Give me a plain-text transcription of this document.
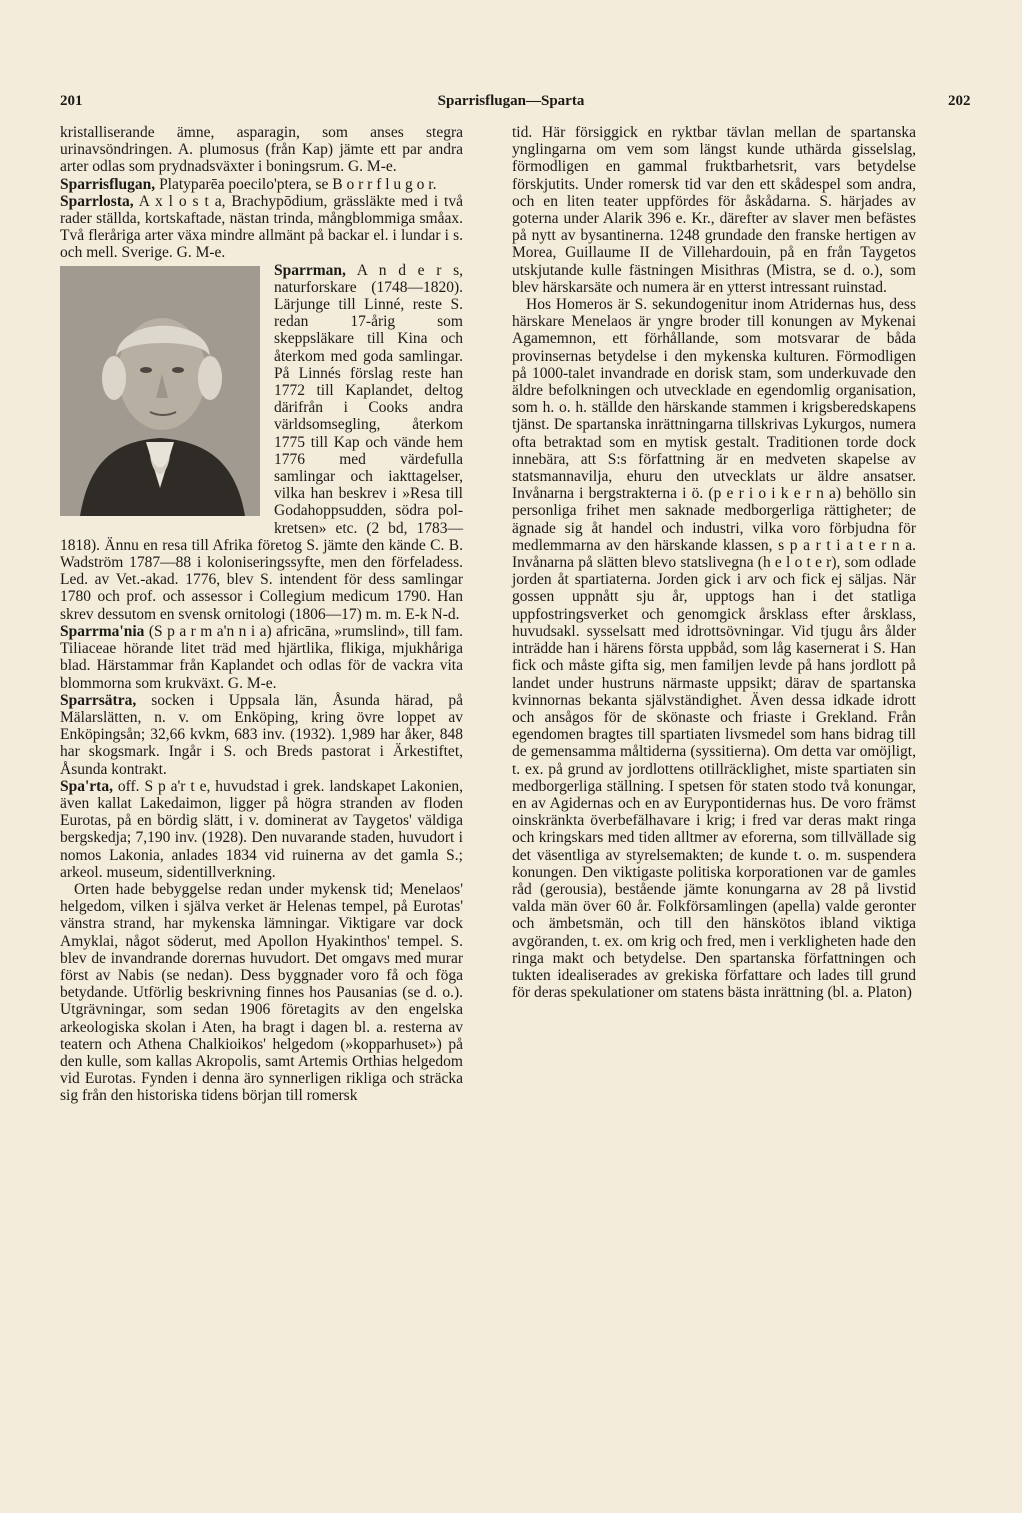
201	Sparrisflugan—Sparta	202

kristalliserande ämne, asparagin, som anses stegra urinavsöndringen. A. plumosus (från Kap) jämte ett par andra arter odlas som prydnadsväxter i boningsrum. G. M-e.

Sparrisflugan, Platyparēa poecilo'ptera, se B o r r f l u g o r.

Sparrlosta, A x l o s t a, Brachypōdium, grässläkte med i två rader ställda, kortskaftade, nästan trinda, mångblommiga småax. Två fleråriga arter växa mindre allmänt på backar el. i lundar i s. och mell. Sverige. G. M-e.

Sparrman,
A n d e r s, naturforskare (1748—1820). Lärjunge till Linné, reste S. redan 17-årig som skeppsläkare till Kina och återkom med goda samlingar. På Linnés förslag reste han 1772 till Kaplandet, deltog därifrån i Cooks andra världsomsegling, återkom 1775 till Kap och vände hem 1776 med värdefulla samlingar och iakttagelser, vilka han beskrev i »Resa till Godahoppsudden, södra pol-kretsen» etc. (2 bd, 1783—1818). Ännu en resa till Afrika företog S. jämte den kände C. B. Wadström 1787—88 i koloniseringssyfte, men den förfeladess. Led. av Vet.-akad. 1776, blev S. intendent för dess samlingar 1780 och prof. och assessor i Collegium medicum 1790. Han skrev dessutom en svensk ornitologi (1806—17) m. m. E-k N-d.

Sparrma'nia (S p a r m a'n n i a) africāna, »rumslind», till fam. Tiliaceae hörande litet träd med hjärtlika, flikiga, mjukhåriga blad. Härstammar från Kaplandet och odlas för de vackra vita blommorna som krukväxt. G. M-e.

Sparrsätra, socken i Uppsala län, Åsunda härad, på Mälarslätten, n. v. om Enköping, kring övre loppet av Enköpingsån; 32,66 kvkm, 683 inv. (1932). 1,989 har åker, 848 har skogsmark. Ingår i S. och Breds pastorat i Ärkestiftet, Åsunda kontrakt.

Spa'rta, off. S p a'r t e, huvudstad i grek. landskapet Lakonien, även kallat Lakedaimon, ligger på högra stranden av floden Eurotas, på en bördig slätt, i v. dominerat av Taygetos' väldiga bergskedja; 7,190 inv. (1928). Den nuvarande staden, huvudort i nomos Lakonia, anlades 1834 vid ruinerna av det gamla S.; arkeol. museum, sidentillverkning.

Orten hade bebyggelse redan under mykensk tid; Menelaos' helgedom, vilken i själva verket är Helenas tempel, på Eurotas' vänstra strand, har mykenska lämningar. Viktigare var dock Amyklai, något söderut, med Apollon Hyakinthos' tempel. S. blev de invandrande dorernas huvudort. Det omgavs med murar först av Nabis (se nedan). Dess byggnader voro få och föga betydande. Utförlig beskrivning finnes hos Pausanias (se d. o.). Utgrävningar, som sedan 1906 företagits av den engelska arkeologiska skolan i Aten, ha bragt i dagen bl. a. resterna av teatern och Athena Chalkioikos' helgedom (»kopparhuset») på den kulle, som kallas Akropolis, samt Artemis Orthias helgedom vid Eurotas. Fynden i denna äro synnerligen rikliga och sträcka sig från den historiska tidens början till romersk

tid. Här försiggick en ryktbar tävlan mellan de spartanska ynglingarna om vem som längst kunde uthärda gisselslag, förmodligen en gammal fruktbarhetsrit, vars betydelse förskjutits. Under romersk tid var den ett skådespel som andra, och en liten teater uppfördes för åskådarna. S. härjades av goterna under Alarik 396 e. Kr., därefter av slaver men befästes på nytt av bysantinerna. 1248 grundade den franske hertigen av Morea, Guillaume II de Villehardouin, på en från Taygetos utskjutande kulle fästningen Misithras (Mistra, se d. o.), som blev härskarsäte och numera är en ytterst intressant ruinstad.

Hos Homeros är S. sekundogenitur inom Atridernas hus, dess härskare Menelaos är yngre broder till konungen av Mykenai Agamemnon, ett förhållande, som motsvarar de båda provinsernas betydelse i den mykenska kulturen. Förmodligen på 1000-talet invandrade en dorisk stam, som underkuvade den äldre befolkningen och utvecklade en egendomlig organisation, som h. o. h. ställde den härskande stammen i krigsberedskapens tjänst. De spartanska inrättningarna tillskrivas Lykurgos, numera ofta betraktad som en mytisk gestalt. Traditionen torde dock innebära, att S:s författning är en medveten skapelse av statsmannavilja, ehuru den utvecklats ur äldre ansatser. Invånarna i bergstrakterna i ö. (p e r i o i k e r n a) behöllo sin personliga frihet men saknade medborgerliga rättigheter; de ägnade sig åt handel och industri, vilka voro förbjudna för medlemmarna av den härskande klassen, s p a r t i a t e r n a. Invånarna på slätten blevo statslivegna (h e l o t e r), som odlade jorden åt spartiaterna. Jorden gick i arv och fick ej säljas. När gossen uppnått sju år, upptogs han i det statliga uppfostringsverket och genomgick årsklass efter årsklass, huvudsakl. sysselsatt med idrottsövningar. Vid tjugu års ålder inträdde han i härens första uppbåd, som låg kasernerat i S. Han fick och måste gifta sig, men familjen levde på hans jordlott på landet under hustruns närmaste uppsikt; därav de spartanska kvinnornas bekanta självständighet. Även dessa idkade idrott och ansågos för de skönaste och friaste i Grekland. Från egendomen bragtes till spartiaten livsmedel som hans bidrag till de gemensamma måltiderna (syssitierna). Om detta var omöjligt, t. ex. på grund av jordlottens otillräcklighet, miste spartiaten sin medborgerliga ställning. I spetsen för staten stodo två konungar, en av Agidernas och en av Eurypontidernas hus. De voro främst oinskränkta överbefälhavare i krig; i fred var deras makt ringa och kringskars med tiden alltmer av eforerna, som tillvällade sig det väsentliga av styrelsemakten; de kunde t. o. m. suspendera konungen. Den viktigaste politiska korporationen var de gamles råd (gerousia), bestående jämte konungarna av 28 på livstid valda män över 60 år. Folkförsamlingen (apella) valde geronter och ämbetsmän, och till den hänskötos ibland viktiga avgöranden, t. ex. om krig och fred, men i verkligheten hade den ringa makt och betydelse. Den spartanska författningen och tukten idealiserades av grekiska författare och lades till grund för deras spekulationer om statens bästa inrättning (bl. a. Platon)
